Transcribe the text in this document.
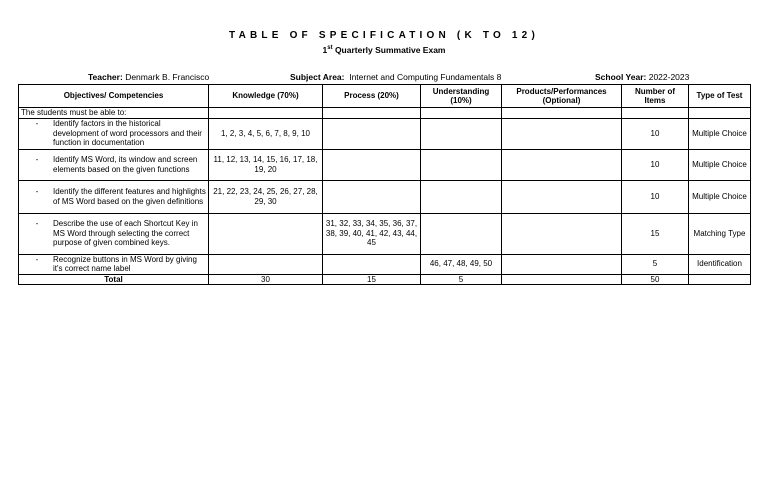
TABLE OF SPECIFICATION (K TO 12)
1st Quarterly Summative Exam
Teacher: Denmark B. Francisco	Subject Area: Internet and Computing Fundamentals 8	School Year: 2022-2023
Objectives/ Competencies	Knowledge (70%)	Process (20%)	Understanding (10%)	Products/Performances (Optional)	Number of Items	Type of Test
The students must be able to:						

- Identify factors in the historical development of word processors and their function in documentation	1, 2, 3, 4, 5, 6, 7, 8, 9, 10				10	Multiple Choice

- Identify MS Word, its window and screen elements based on the given functions	11, 12, 13, 14, 15, 16, 17, 18, 19, 20				10	Multiple Choice

- Identify the different features and highlights of MS Word based on the given definitions	21, 22, 23, 24, 25, 26, 27, 28, 29, 30				10	Multiple Choice

- Describe the use of each Shortcut Key in MS Word through selecting the correct purpose of given combined keys.		31, 32, 33, 34, 35, 36, 37, 38, 39, 40, 41, 42, 43, 44, 45			15	Matching Type

- Recognize buttons in MS Word by giving it's correct name label			46, 47, 48, 49, 50		5	Identification
Total	30	15	5		50	
